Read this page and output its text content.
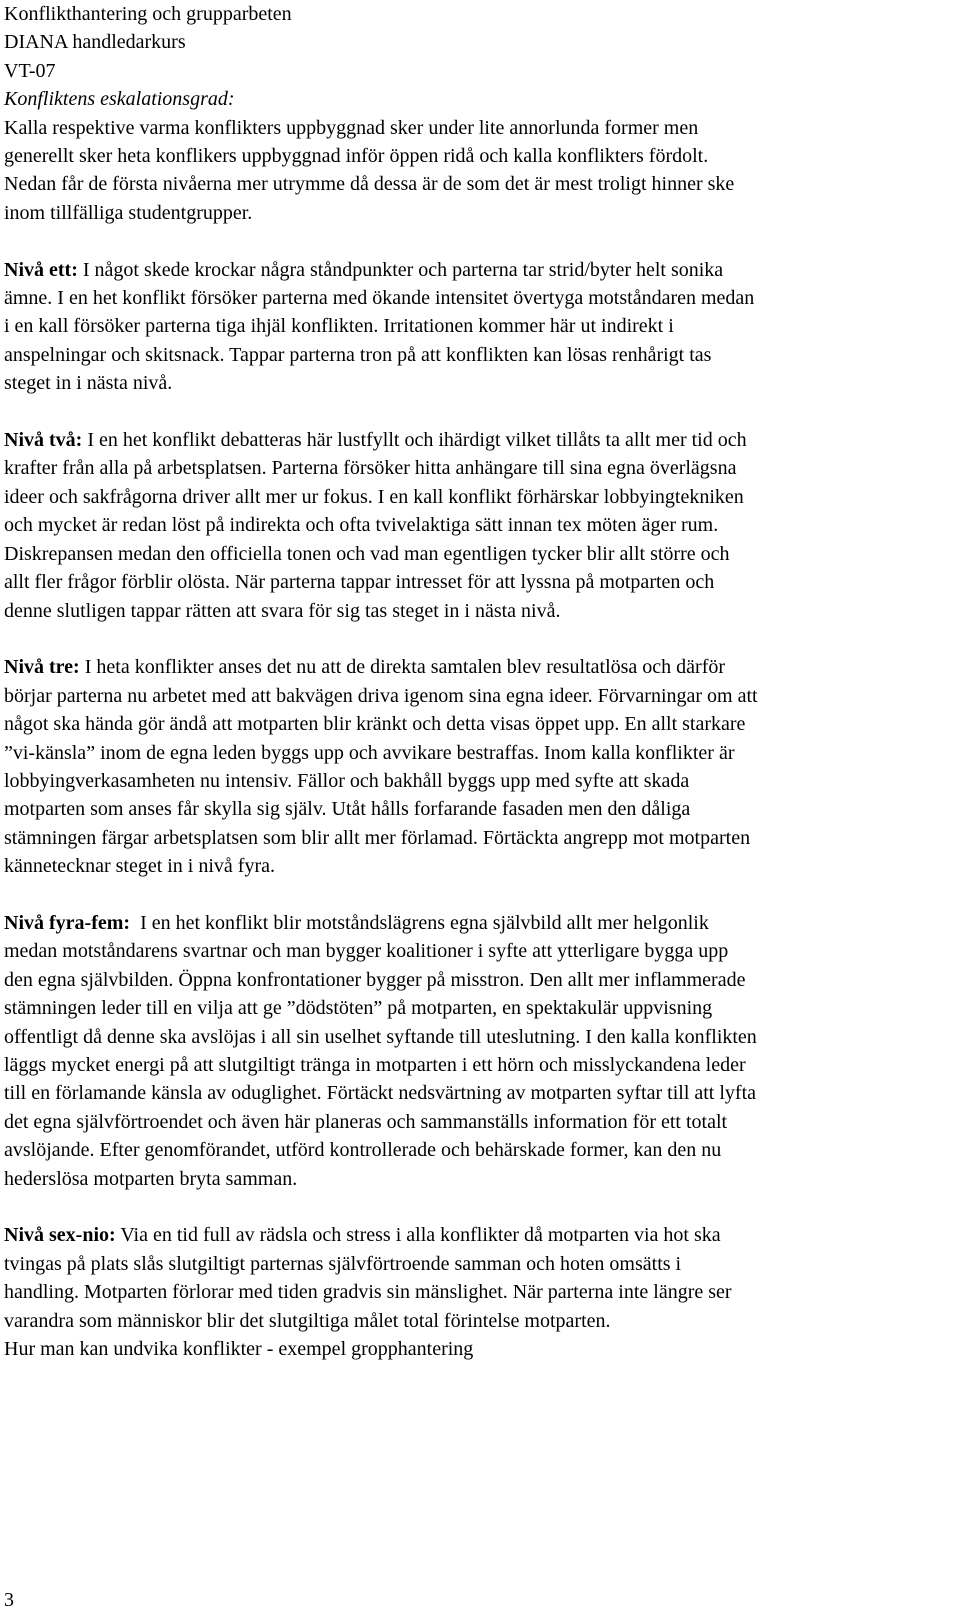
Konflikthantering och grupparbeten
DIANA handledarkurs
VT-07
Konfliktens eskalationsgrad:
Kalla respektive varma konflikters uppbyggnad sker under lite annorlunda former men
generellt sker heta konflikers uppbyggnad inför öppen ridå och kalla konflikters fördolt.
Nedan får de första nivåerna mer utrymme då dessa är de som det är mest troligt hinner ske
inom tillfälliga studentgrupper.
Nivå ett: I något skede krockar några ståndpunkter och parterna tar strid/byter helt sonika
ämne. I en het konflikt försöker parterna med ökande intensitet övertyga motståndaren medan
i en kall försöker parterna tiga ihjäl konflikten. Irritationen kommer här ut indirekt i
anspelningar och skitsnack. Tappar parterna tron på att konflikten kan lösas renhårigt tas
steget in i nästa nivå.
Nivå två: I en het konflikt debatteras här lustfyllt och ihärdigt vilket tillåts ta allt mer tid och
krafter från alla på arbetsplatsen. Parterna försöker hitta anhängare till sina egna överlägsna
ideer och sakfrågorna driver allt mer ur fokus. I en kall konflikt förhärskar lobbyingtekniken
och mycket är redan löst på indirekta och ofta tvivelaktiga sätt innan tex möten äger rum.
Diskrepansen medan den officiella tonen och vad man egentligen tycker blir allt större och
allt fler frågor förblir olösta. När parterna tappar intresset för att lyssna på motparten och
denne slutligen tappar rätten att svara för sig tas steget in i nästa nivå.
Nivå tre: I heta konflikter anses det nu att de direkta samtalen blev resultatlösa och därför
börjar parterna nu arbetet med att bakvägen driva igenom sina egna ideer. Förvarningar om att
något ska hända gör ändå att motparten blir kränkt och detta visas öppet upp. En allt starkare
”vi-känsla” inom de egna leden byggs upp och avvikare bestraffas. Inom kalla konflikter är
lobbyingverkasamheten nu intensiv. Fällor och bakhåll byggs upp med syfte att skada
motparten som anses får skylla sig själv. Utåt hålls forfarande fasaden men den dåliga
stämningen färgar arbetsplatsen som blir allt mer förlamad. Förtäckta angrepp mot motparten
kännetecknar steget in i nivå fyra.
Nivå fyra-fem: I en het konflikt blir motståndslägrens egna självbild allt mer helgonlik
medan motståndarens svartnar och man bygger koalitioner i syfte att ytterligare bygga upp
den egna självbilden. Öppna konfrontationer bygger på misstron. Den allt mer inflammerade
stämningen leder till en vilja att ge ”dödstöten” på motparten, en spektakulär uppvisning
offentligt då denne ska avslöjas i all sin uselhet syftande till uteslutning. I den kalla konflikten
läggs mycket energi på att slutgiltigt tränga in motparten i ett hörn och misslyckandena leder
till en förlamande känsla av oduglighet. Förtäckt nedsvärtning av motparten syftar till att lyfta
det egna självförtroendet och även här planeras och sammanställs information för ett totalt
avslöjande. Efter genomförandet, utförd kontrollerade och behärskade former, kan den nu
hederslösa motparten bryta samman.
Nivå sex-nio: Via en tid full av rädsla och stress i alla konflikter då motparten via hot ska
tvingas på plats slås slutgiltigt parternas självförtroende samman och hoten omsätts i
handling. Motparten förlorar med tiden gradvis sin mänslighet. När parterna inte längre ser
varandra som människor blir det slutgiltiga målet total förintelse motparten.
Hur man kan undvika konflikter - exempel gropphantering
3
